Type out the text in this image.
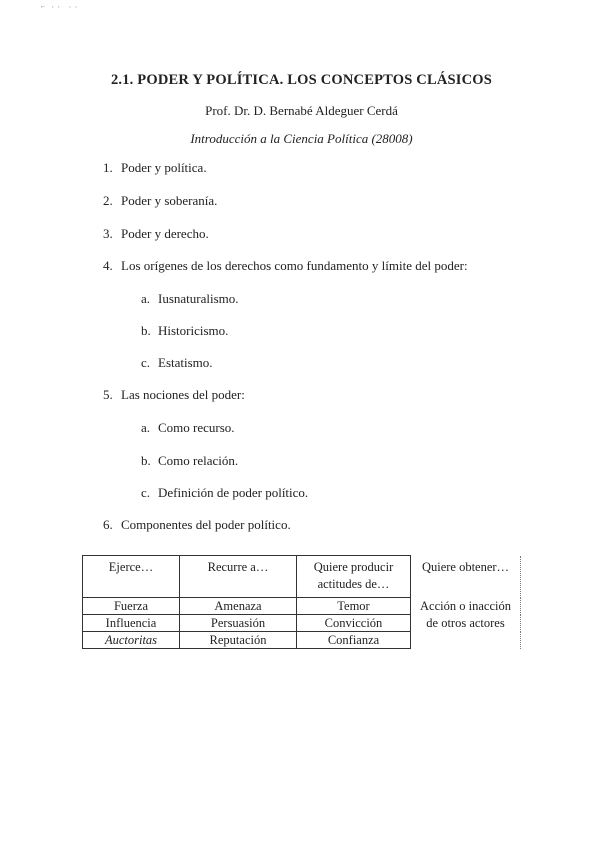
·̵ ·· ··
2.1. PODER Y POLÍTICA. LOS CONCEPTOS CLÁSICOS
Prof. Dr. D. Bernabé Aldeguer Cerdá
Introducción a la Ciencia Política (28008)
1. Poder y política.
2. Poder y soberanía.
3. Poder y derecho.
4. Los orígenes de los derechos como fundamento y límite del poder:
a. Iusnaturalismo.
b. Historicismo.
c. Estatismo.
5. Las nociones del poder:
a. Como recurso.
b. Como relación.
c. Definición de poder político.
6. Componentes del poder político.
Ejerce…	Recurre a…	Quiere producir actitudes de…	Quiere obtener…
Fuerza	Amenaza	Temor	Acción o inacción de otros actores
Influencia	Persuasión	Convicción	
Auctoritas	Reputación	Confianza	
